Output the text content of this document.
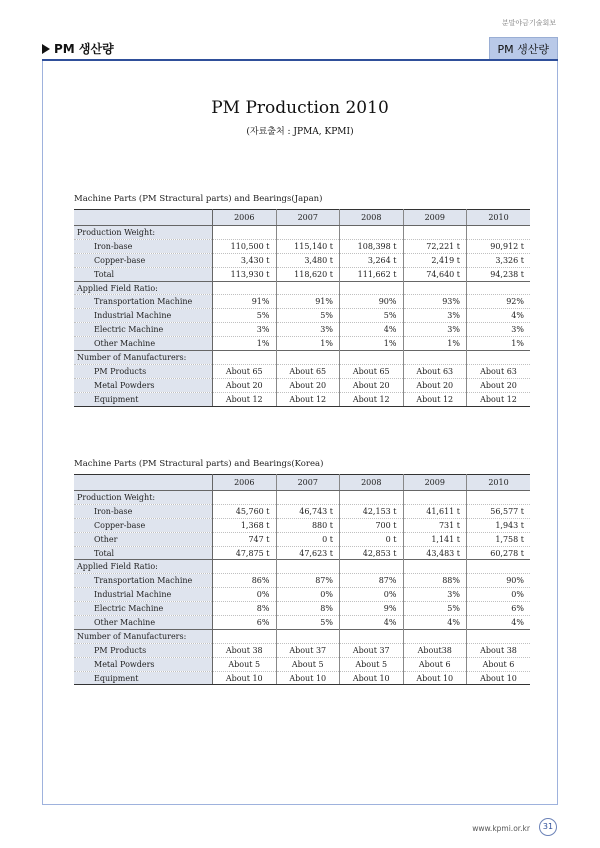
분말야금기술회보
PM 생산량	PM 생산량
PM Production 2010
(자료출처 : JPMA, KPMI)
Machine Parts (PM Stractural parts) and Bearings(Japan)
	2006	2007	2008	2009	2010
Production Weight:					
Iron-base	110,500 t	115,140 t	108,398 t	72,221 t	90,912 t
Copper-base	3,430 t	3,480 t	3,264 t	2,419 t	3,326 t
Total	113,930 t	118,620 t	111,662 t	74,640 t	94,238 t
Applied Field Ratio:					
Transportation Machine	91%	91%	90%	93%	92%
Industrial Machine	5%	5%	5%	3%	4%
Electric Machine	3%	3%	4%	3%	3%
Other Machine	1%	1%	1%	1%	1%
Number of Manufacturers:					
PM Products	About 65	About 65	About 65	About 63	About 63
Metal Powders	About 20	About 20	About 20	About 20	About 20
Equipment	About 12	About 12	About 12	About 12	About 12
Machine Parts (PM Stractural parts) and Bearings(Korea)
	2006	2007	2008	2009	2010
Production Weight:					
Iron-base	45,760 t	46,743 t	42,153 t	41,611 t	56,577 t
Copper-base	1,368 t	880 t	700 t	731 t	1,943 t
Other	747 t	0 t	0 t	1,141 t	1,758 t
Total	47,875 t	47,623 t	42,853 t	43,483 t	60,278 t
Applied Field Ratio:					
Transportation Machine	86%	87%	87%	88%	90%
Industrial Machine	0%	0%	0%	3%	0%
Electric Machine	8%	8%	9%	5%	6%
Other Machine	6%	5%	4%	4%	4%
Number of Manufacturers:					
PM Products	About 38	About 37	About 37	About38	About 38
Metal Powders	About 5	About 5	About 5	About 6	About 6
Equipment	About 10	About 10	About 10	About 10	About 10
www.kpmi.or.kr	31
